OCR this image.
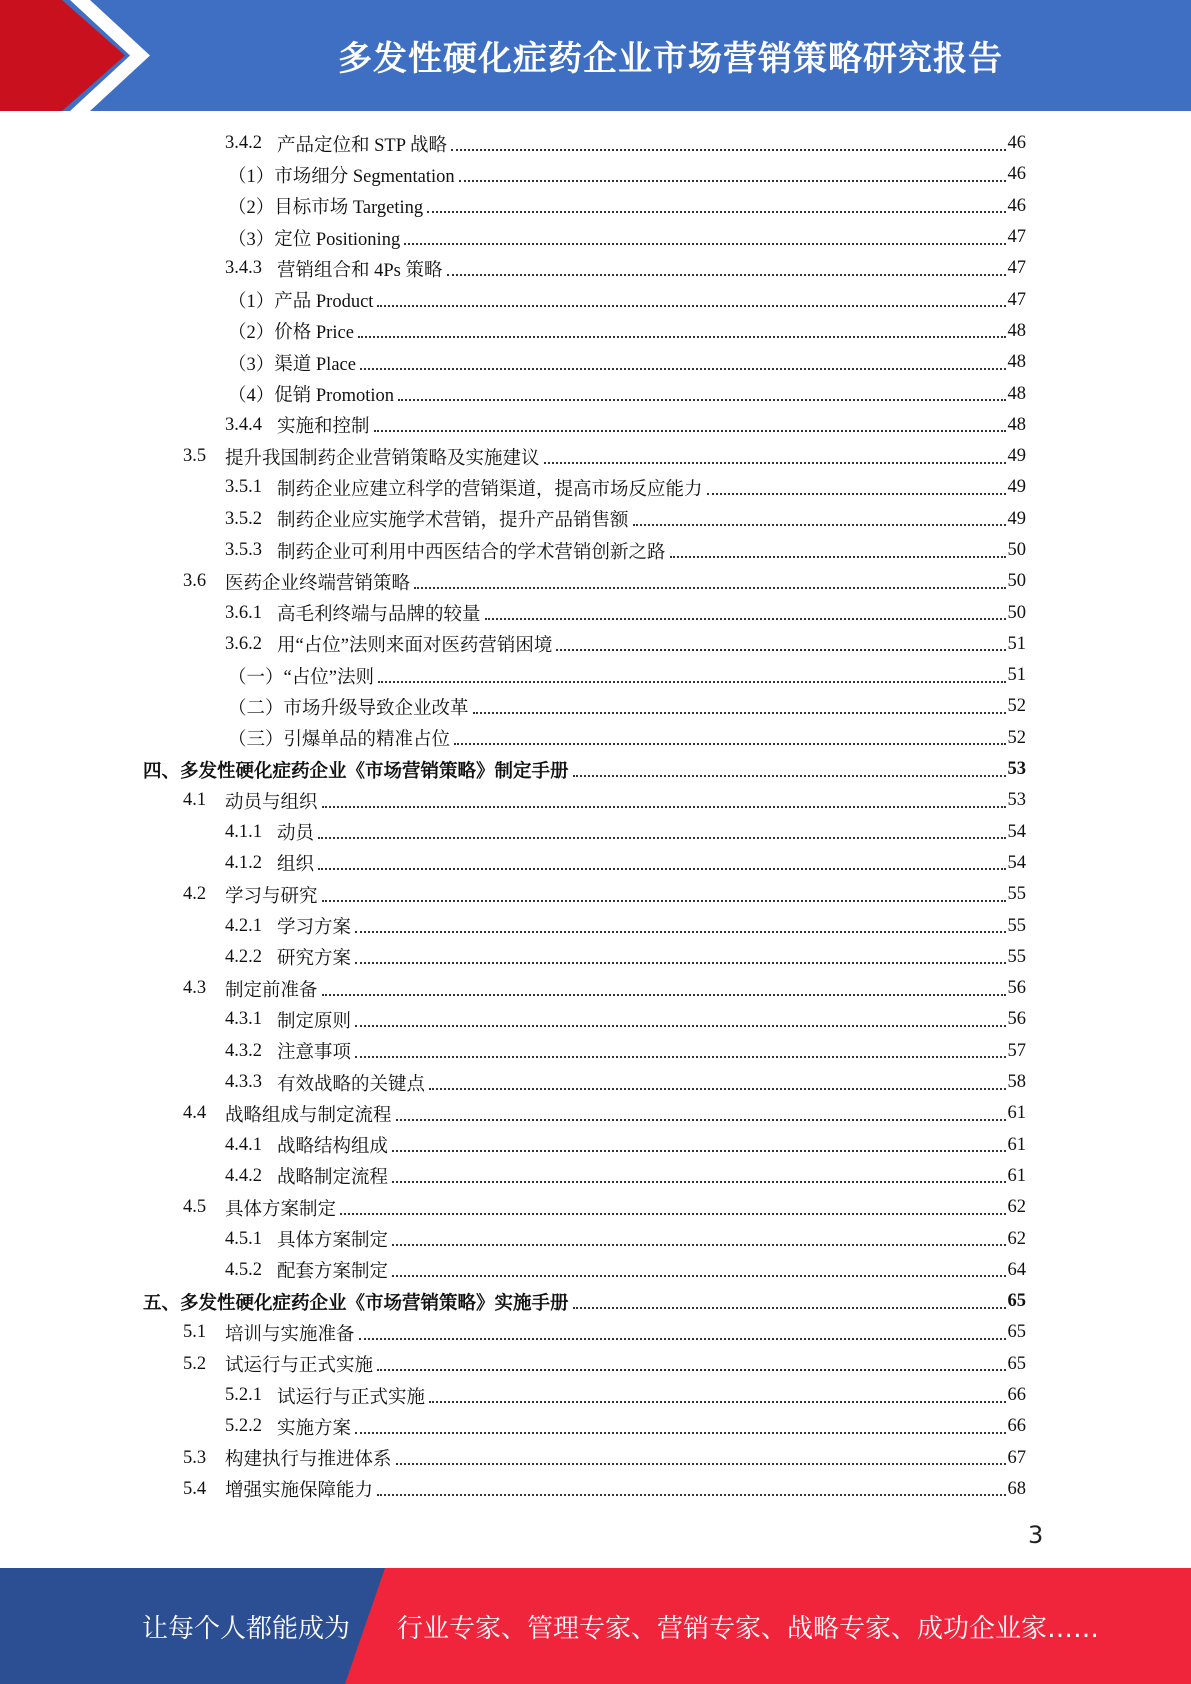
多发性硬化症药企业市场营销策略研究报告
3.4.2 产品定位和 STP 战略	46
（1） 市场细分 Segmentation	46
（2） 目标市场 Targeting	46
（3） 定位 Positioning	47
3.4.3 营销组合和 4Ps 策略	47
（1） 产品 Product	47
（2） 价格 Price	48
（3） 渠道 Place	48
（4） 促销 Promotion	48
3.4.4 实施和控制	48
3.5	提升我国制药企业营销策略及实施建议	49
3.5.1 制药企业应建立科学的营销渠道，提高市场反应能力	49
3.5.2 制药企业应实施学术营销，提升产品销售额	49
3.5.3 制药企业可利用中西医结合的学术营销创新之路	50
3.6	医药企业终端营销策略	50
3.6.1 高毛利终端与品牌的较量	50
3.6.2 用“占位”法则来面对医药营销困境	51
（一） “占位”法则	51
（二） 市场升级导致企业改革	52
（三） 引爆单品的精准占位	52
四、 多发性硬化症药企业《市场营销策略》制定手册	53
4.1	动员与组织	53
4.1.1 动员	54
4.1.2 组织	54
4.2	学习与研究	55
4.2.1 学习方案	55
4.2.2 研究方案	55
4.3	制定前准备	56
4.3.1 制定原则	56
4.3.2 注意事项	57
4.3.3 有效战略的关键点	58
4.4	战略组成与制定流程	61
4.4.1 战略结构组成	61
4.4.2 战略制定流程	61
4.5	具体方案制定	62
4.5.1 具体方案制定	62
4.5.2 配套方案制定	64
五、 多发性硬化症药企业《市场营销策略》实施手册	65
5.1	培训与实施准备	65
5.2	试运行与正式实施	65
5.2.1 试运行与正式实施	66
5.2.2 实施方案	66
5.3	构建执行与推进体系	67
5.4	增强实施保障能力	68
3
让每个人都能成为 行业专家、管理专家、营销专家、战略专家、成功企业家……
